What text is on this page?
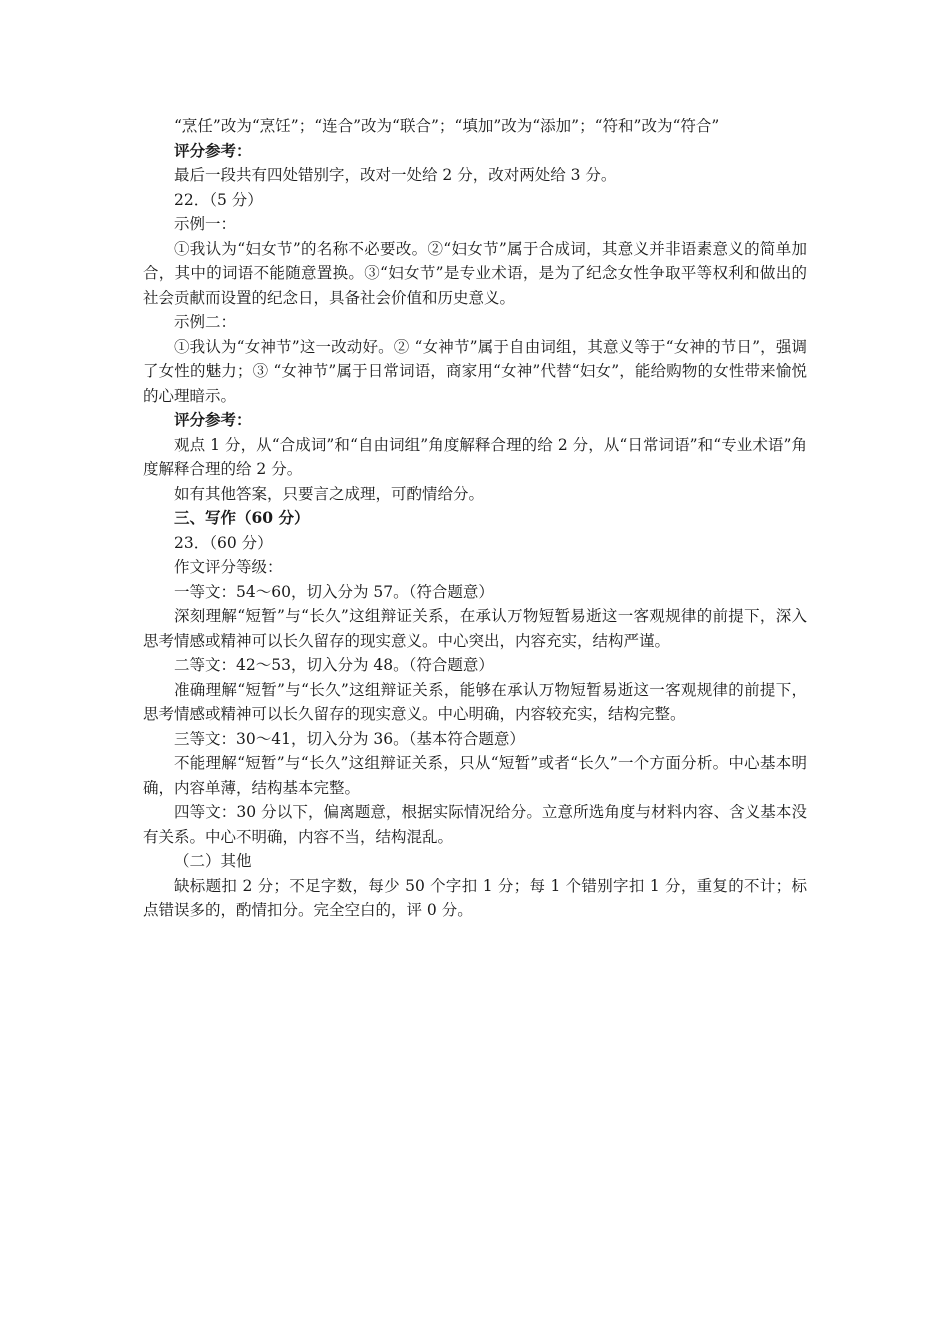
“烹任”改为“烹饪”；“连合”改为“联合”；“填加”改为“添加”；“符和”改为“符合”

评分参考：

最后一段共有四处错别字，改对一处给 2 分，改对两处给 3 分。

22．（5 分）

示例一：

①我认为“妇女节”的名称不必要改。②“妇女节”属于合成词，其意义并非语素意义的简单加合，其中的词语不能随意置换。③“妇女节”是专业术语，是为了纪念女性争取平等权利和做出的社会贡献而设置的纪念日，具备社会价值和历史意义。

示例二：

①我认为“女神节”这一改动好。② “女神节”属于自由词组，其意义等于“女神的节日”，强调了女性的魅力；③ “女神节”属于日常词语，商家用“女神”代替“妇女”，能给购物的女性带来愉悦的心理暗示。

评分参考：

观点 1 分，从“合成词”和“自由词组”角度解释合理的给 2 分，从“日常词语”和“专业术语”角度解释合理的给 2 分。

如有其他答案，只要言之成理，可酌情给分。

三、写作（60 分）

23．（60 分）

作文评分等级：

一等文：54～60，切入分为 57。（符合题意）

深刻理解“短暂”与“长久”这组辩证关系，在承认万物短暂易逝这一客观规律的前提下，深入思考情感或精神可以长久留存的现实意义。中心突出，内容充实，结构严谨。

二等文：42～53，切入分为 48。（符合题意）

准确理解“短暂”与“长久”这组辩证关系，能够在承认万物短暂易逝这一客观规律的前提下，思考情感或精神可以长久留存的现实意义。中心明确，内容较充实，结构完整。

三等文：30～41，切入分为 36。（基本符合题意）

不能理解“短暂”与“长久”这组辩证关系，只从“短暂”或者“长久”一个方面分析。中心基本明确，内容单薄，结构基本完整。

四等文：30 分以下，偏离题意，根据实际情况给分。立意所选角度与材料内容、含义基本没有关系。中心不明确，内容不当，结构混乱。

（二）其他

缺标题扣 2 分；不足字数，每少 50 个字扣 1 分；每 1 个错别字扣 1 分，重复的不计；标点错误多的，酌情扣分。完全空白的，评 0 分。
